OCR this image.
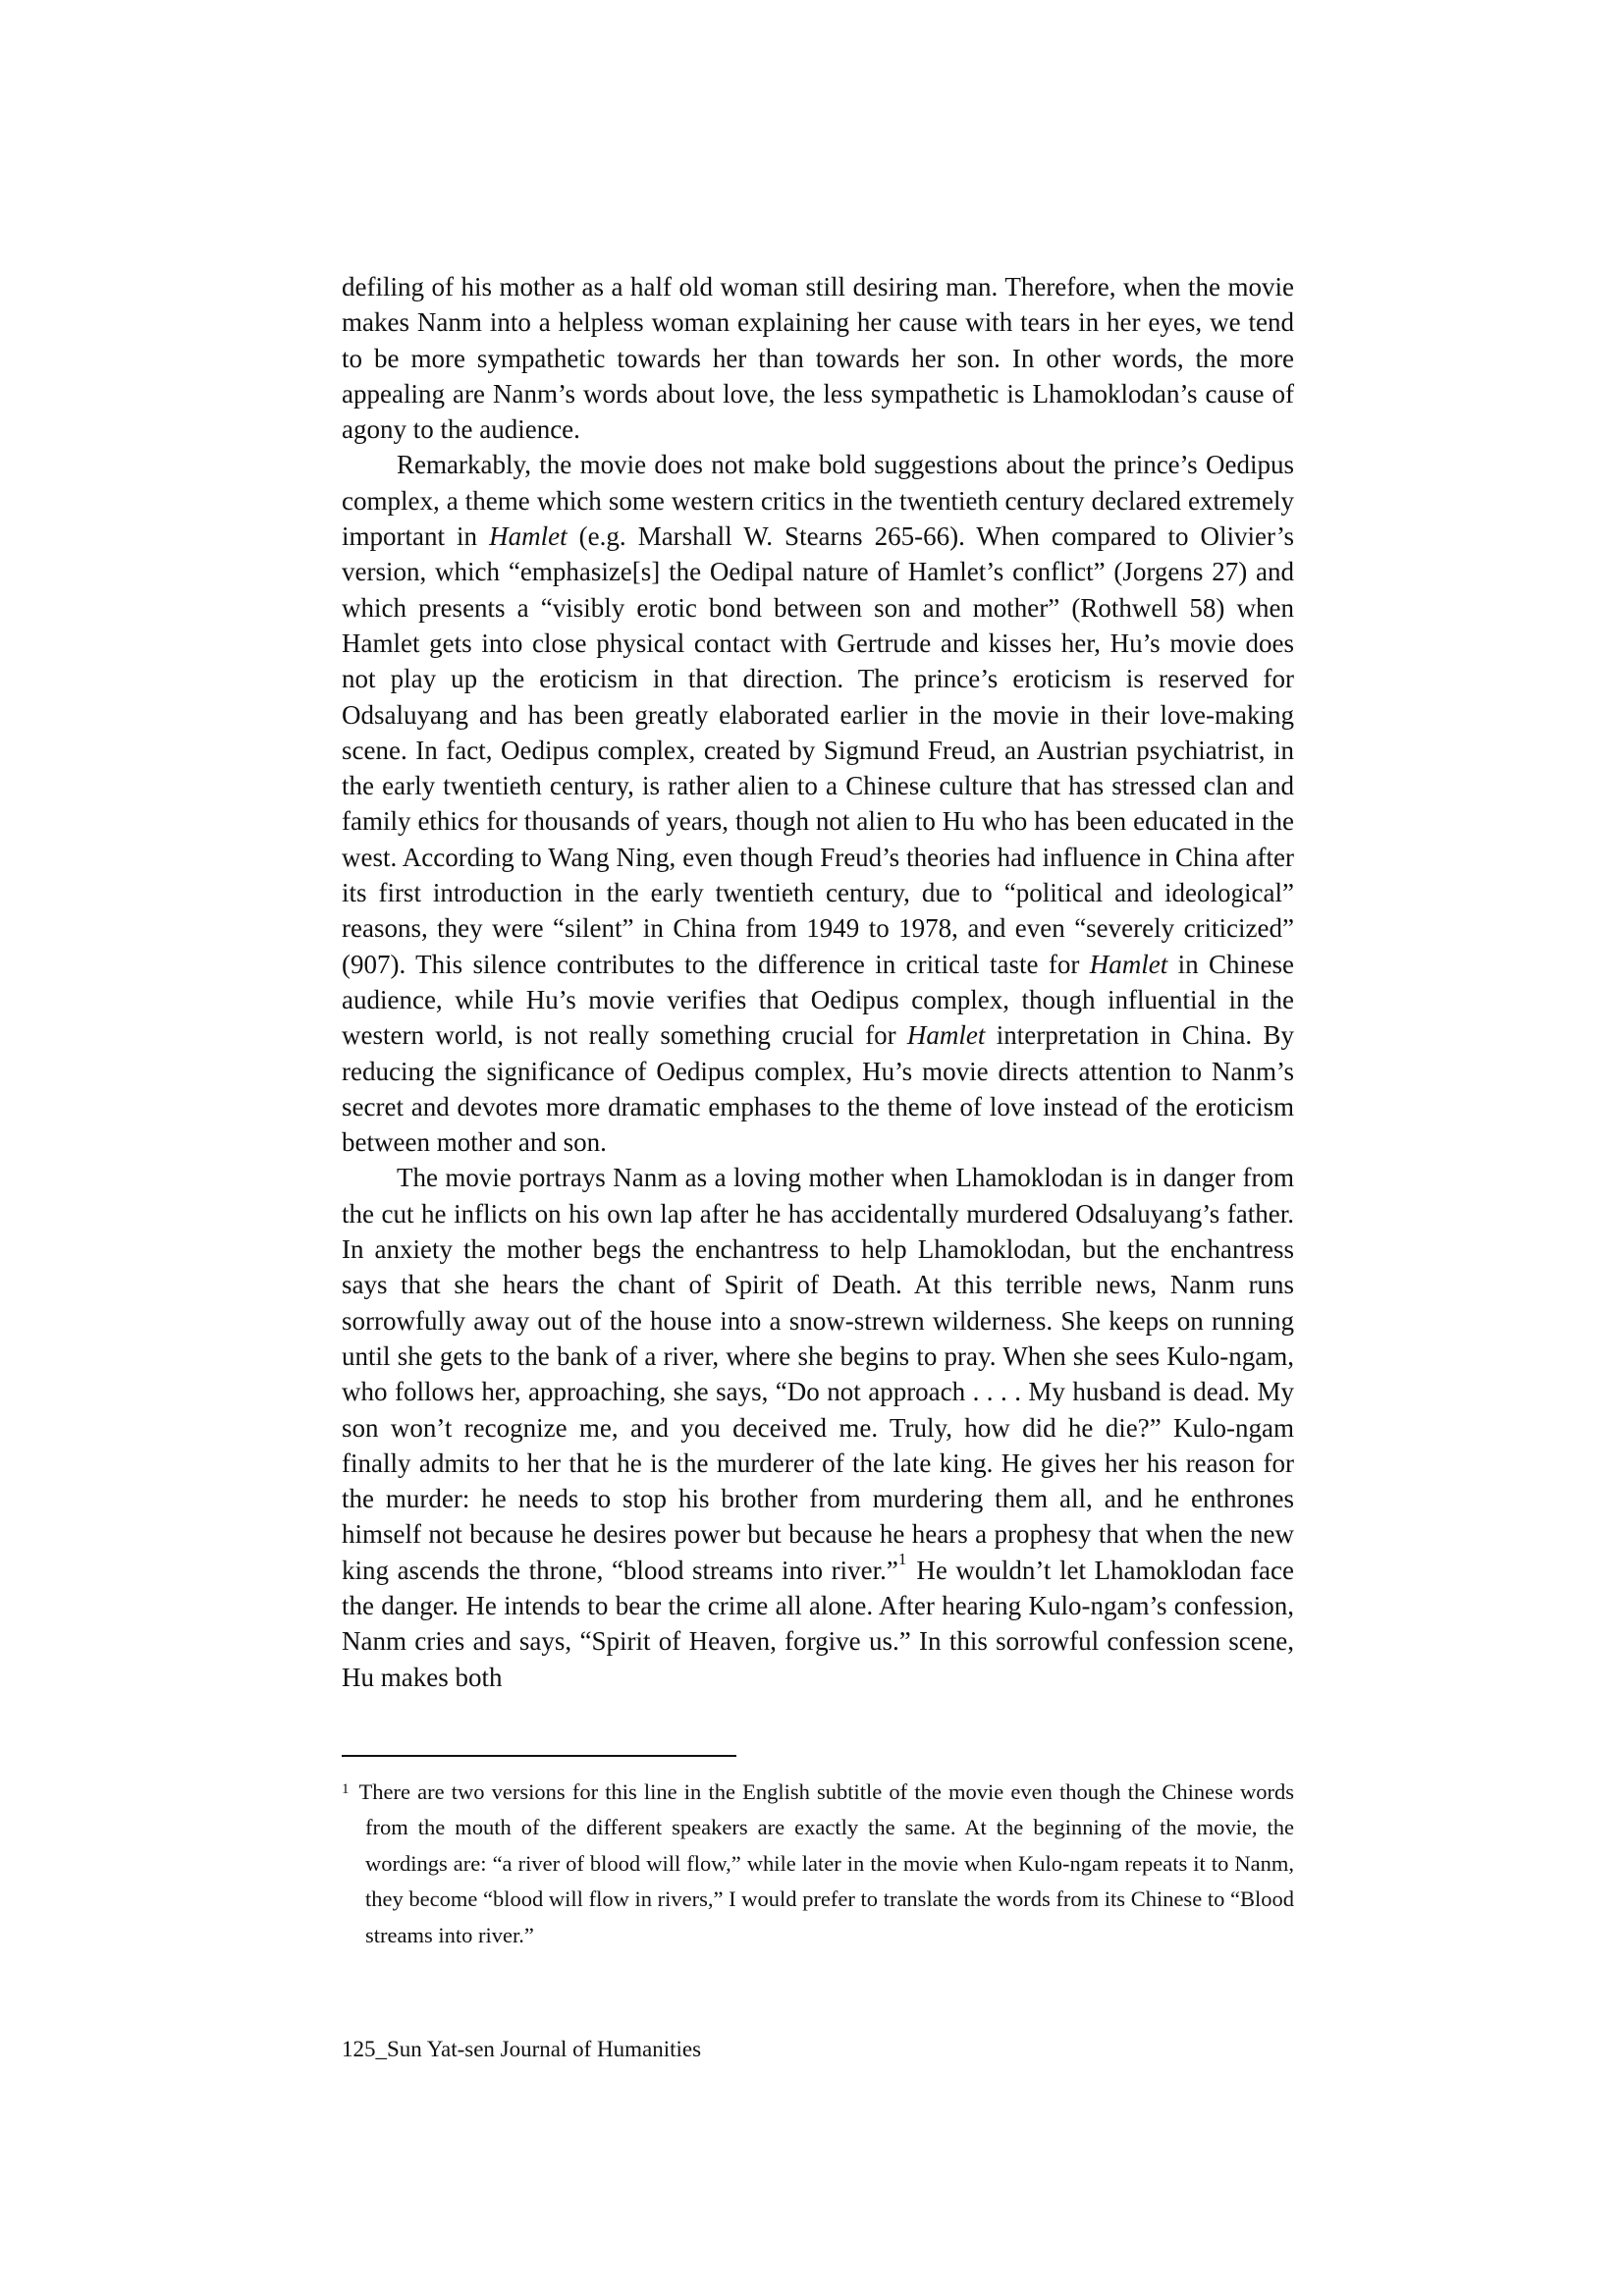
defiling of his mother as a half old woman still desiring man. Therefore, when the movie makes Nanm into a helpless woman explaining her cause with tears in her eyes, we tend to be more sympathetic towards her than towards her son. In other words, the more appealing are Nanm’s words about love, the less sympathetic is Lhamoklodan’s cause of agony to the audience.

Remarkably, the movie does not make bold suggestions about the prince’s Oedipus complex, a theme which some western critics in the twentieth century declared extremely important in Hamlet (e.g. Marshall W. Stearns 265-66). When compared to Olivier’s version, which “emphasize[s] the Oedipal nature of Hamlet’s conflict” (Jorgens 27) and which presents a “visibly erotic bond between son and mother” (Rothwell 58) when Hamlet gets into close physical contact with Gertrude and kisses her, Hu’s movie does not play up the eroticism in that direction. The prince’s eroticism is reserved for Odsaluyang and has been greatly elaborated earlier in the movie in their love-making scene. In fact, Oedipus complex, created by Sigmund Freud, an Austrian psychiatrist, in the early twentieth century, is rather alien to a Chinese culture that has stressed clan and family ethics for thousands of years, though not alien to Hu who has been educated in the west. According to Wang Ning, even though Freud’s theories had influence in China after its first introduction in the early twentieth century, due to “political and ideological” reasons, they were “silent” in China from 1949 to 1978, and even “severely criticized” (907). This silence contributes to the difference in critical taste for Hamlet in Chinese audience, while Hu’s movie verifies that Oedipus complex, though influential in the western world, is not really something crucial for Hamlet interpretation in China. By reducing the significance of Oedipus complex, Hu’s movie directs attention to Nanm’s secret and devotes more dramatic emphases to the theme of love instead of the eroticism between mother and son.

The movie portrays Nanm as a loving mother when Lhamoklodan is in danger from the cut he inflicts on his own lap after he has accidentally murdered Odsaluyang’s father. In anxiety the mother begs the enchantress to help Lhamoklodan, but the enchantress says that she hears the chant of Spirit of Death. At this terrible news, Nanm runs sorrowfully away out of the house into a snow-strewn wilderness. She keeps on running until she gets to the bank of a river, where she begins to pray. When she sees Kulo-ngam, who follows her, approaching, she says, “Do not approach . . . . My husband is dead. My son won’t recognize me, and you deceived me. Truly, how did he die?” Kulo-ngam finally admits to her that he is the murderer of the late king. He gives her his reason for the murder: he needs to stop his brother from murdering them all, and he enthrones himself not because he desires power but because he hears a prophesy that when the new king ascends the throne, “blood streams into river.”$^1$ He wouldn’t let Lhamoklodan face the danger. He intends to bear the crime all alone. After hearing Kulo-ngam’s confession, Nanm cries and says, “Spirit of Heaven, forgive us.” In this sorrowful confession scene, Hu makes both

$^1$ There are two versions for this line in the English subtitle of the movie even though the Chinese words from the mouth of the different speakers are exactly the same. At the beginning of the movie, the wordings are: “a river of blood will flow,” while later in the movie when Kulo-ngam repeats it to Nanm, they become “blood will flow in rivers,” I would prefer to translate the words from its Chinese to “Blood streams into river.”

125_Sun Yat-sen Journal of Humanities
